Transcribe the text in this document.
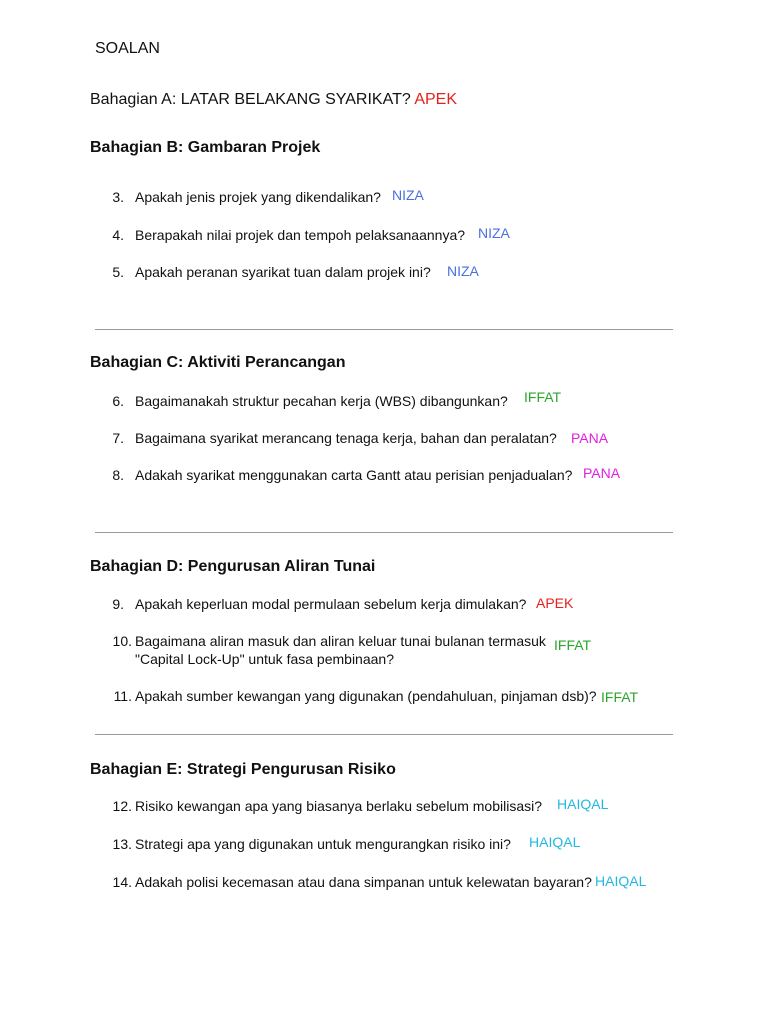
SOALAN
Bahagian A: LATAR BELAKANG SYARIKAT? APEK
Bahagian B: Gambaran Projek
3. Apakah jenis projek yang dikendalikan? NIZA
4. Berapakah nilai projek dan tempoh pelaksanaannya? NIZA
5. Apakah peranan syarikat tuan dalam projek ini? NIZA
Bahagian C: Aktiviti Perancangan
6. Bagaimanakah struktur pecahan kerja (WBS) dibangunkan? IFFAT
7. Bagaimana syarikat merancang tenaga kerja, bahan dan peralatan? PANA
8. Adakah syarikat menggunakan carta Gantt atau perisian penjadualan? PANA
Bahagian D: Pengurusan Aliran Tunai
9. Apakah keperluan modal permulaan sebelum kerja dimulakan? APEK
10. Bagaimana aliran masuk dan aliran keluar tunai bulanan termasuk
"Capital Lock-Up" untuk fasa pembinaan?
IFFAT
11. Apakah sumber kewangan yang digunakan (pendahuluan, pinjaman dsb)? IFFAT
Bahagian E: Strategi Pengurusan Risiko
12. Risiko kewangan apa yang biasanya berlaku sebelum mobilisasi? HAIQAL
13. Strategi apa yang digunakan untuk mengurangkan risiko ini? HAIQAL
14. Adakah polisi kecemasan atau dana simpanan untuk kelewatan bayaran? HAIQAL
